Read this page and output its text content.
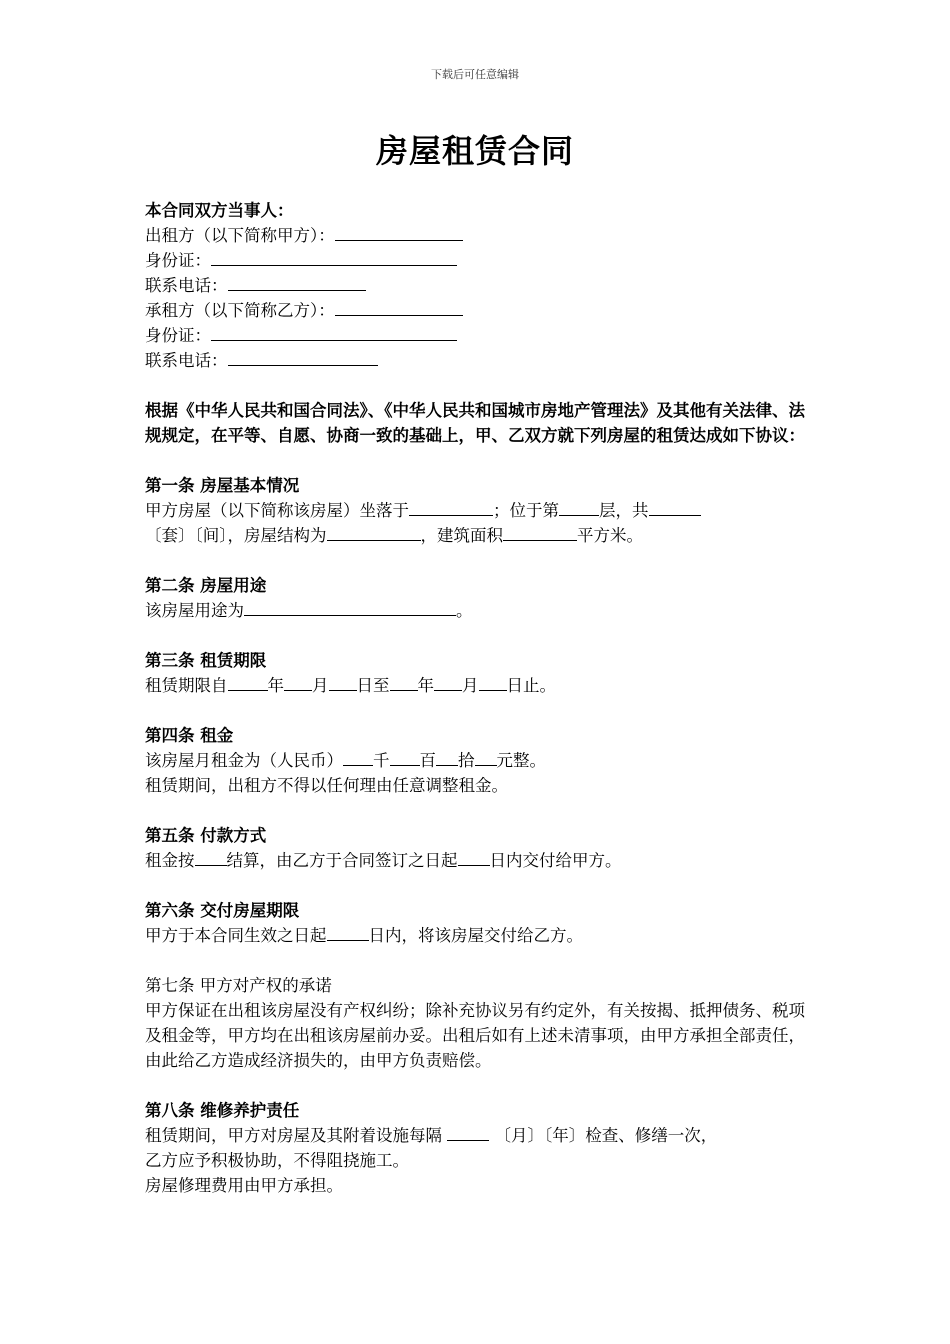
下载后可任意编辑
房屋租赁合同
本合同双方当事人：
出租方（以下简称甲方）：
身份证：
联系电话：
承租方（以下简称乙方）：
身份证：
联系电话：
根据《中华人民共和国合同法》、《中华人民共和国城市房地产管理法》及其他有关法律、法规规定，在平等、自愿、协商一致的基础上，甲、乙双方就下列房屋的租赁达成如下协议：
第一条 房屋基本情况
甲方房屋（以下简称该房屋）坐落于	；位于第 层，共
〔套〕〔间〕，房屋结构为	，建筑面积	平方米。
第二条 房屋用途
该房屋用途为	。
第三条 租赁期限
租赁期限自 年 月 日至 年 月 日止。
第四条 租金
该房屋月租金为（人民币） 千 百 拾 元整。
租赁期间，出租方不得以任何理由任意调整租金。
第五条 付款方式
租金按 结算，由乙方于合同签订之日起 日内交付给甲方。
第六条 交付房屋期限
甲方于本合同生效之日起	日内，将该房屋交付给乙方。
第七条 甲方对产权的承诺
甲方保证在出租该房屋没有产权纠纷；除补充协议另有约定外，有关按揭、抵押债务、税项及租金等，甲方均在出租该房屋前办妥。出租后如有上述未清事项，由甲方承担全部责任，由此给乙方造成经济损失的，由甲方负责赔偿。
第八条 维修养护责任
租赁期间，甲方对房屋及其附着设施每隔	〔月〕〔年〕检查、修缮一次，
乙方应予积极协助，不得阻挠施工。
房屋修理费用由甲方承担。
